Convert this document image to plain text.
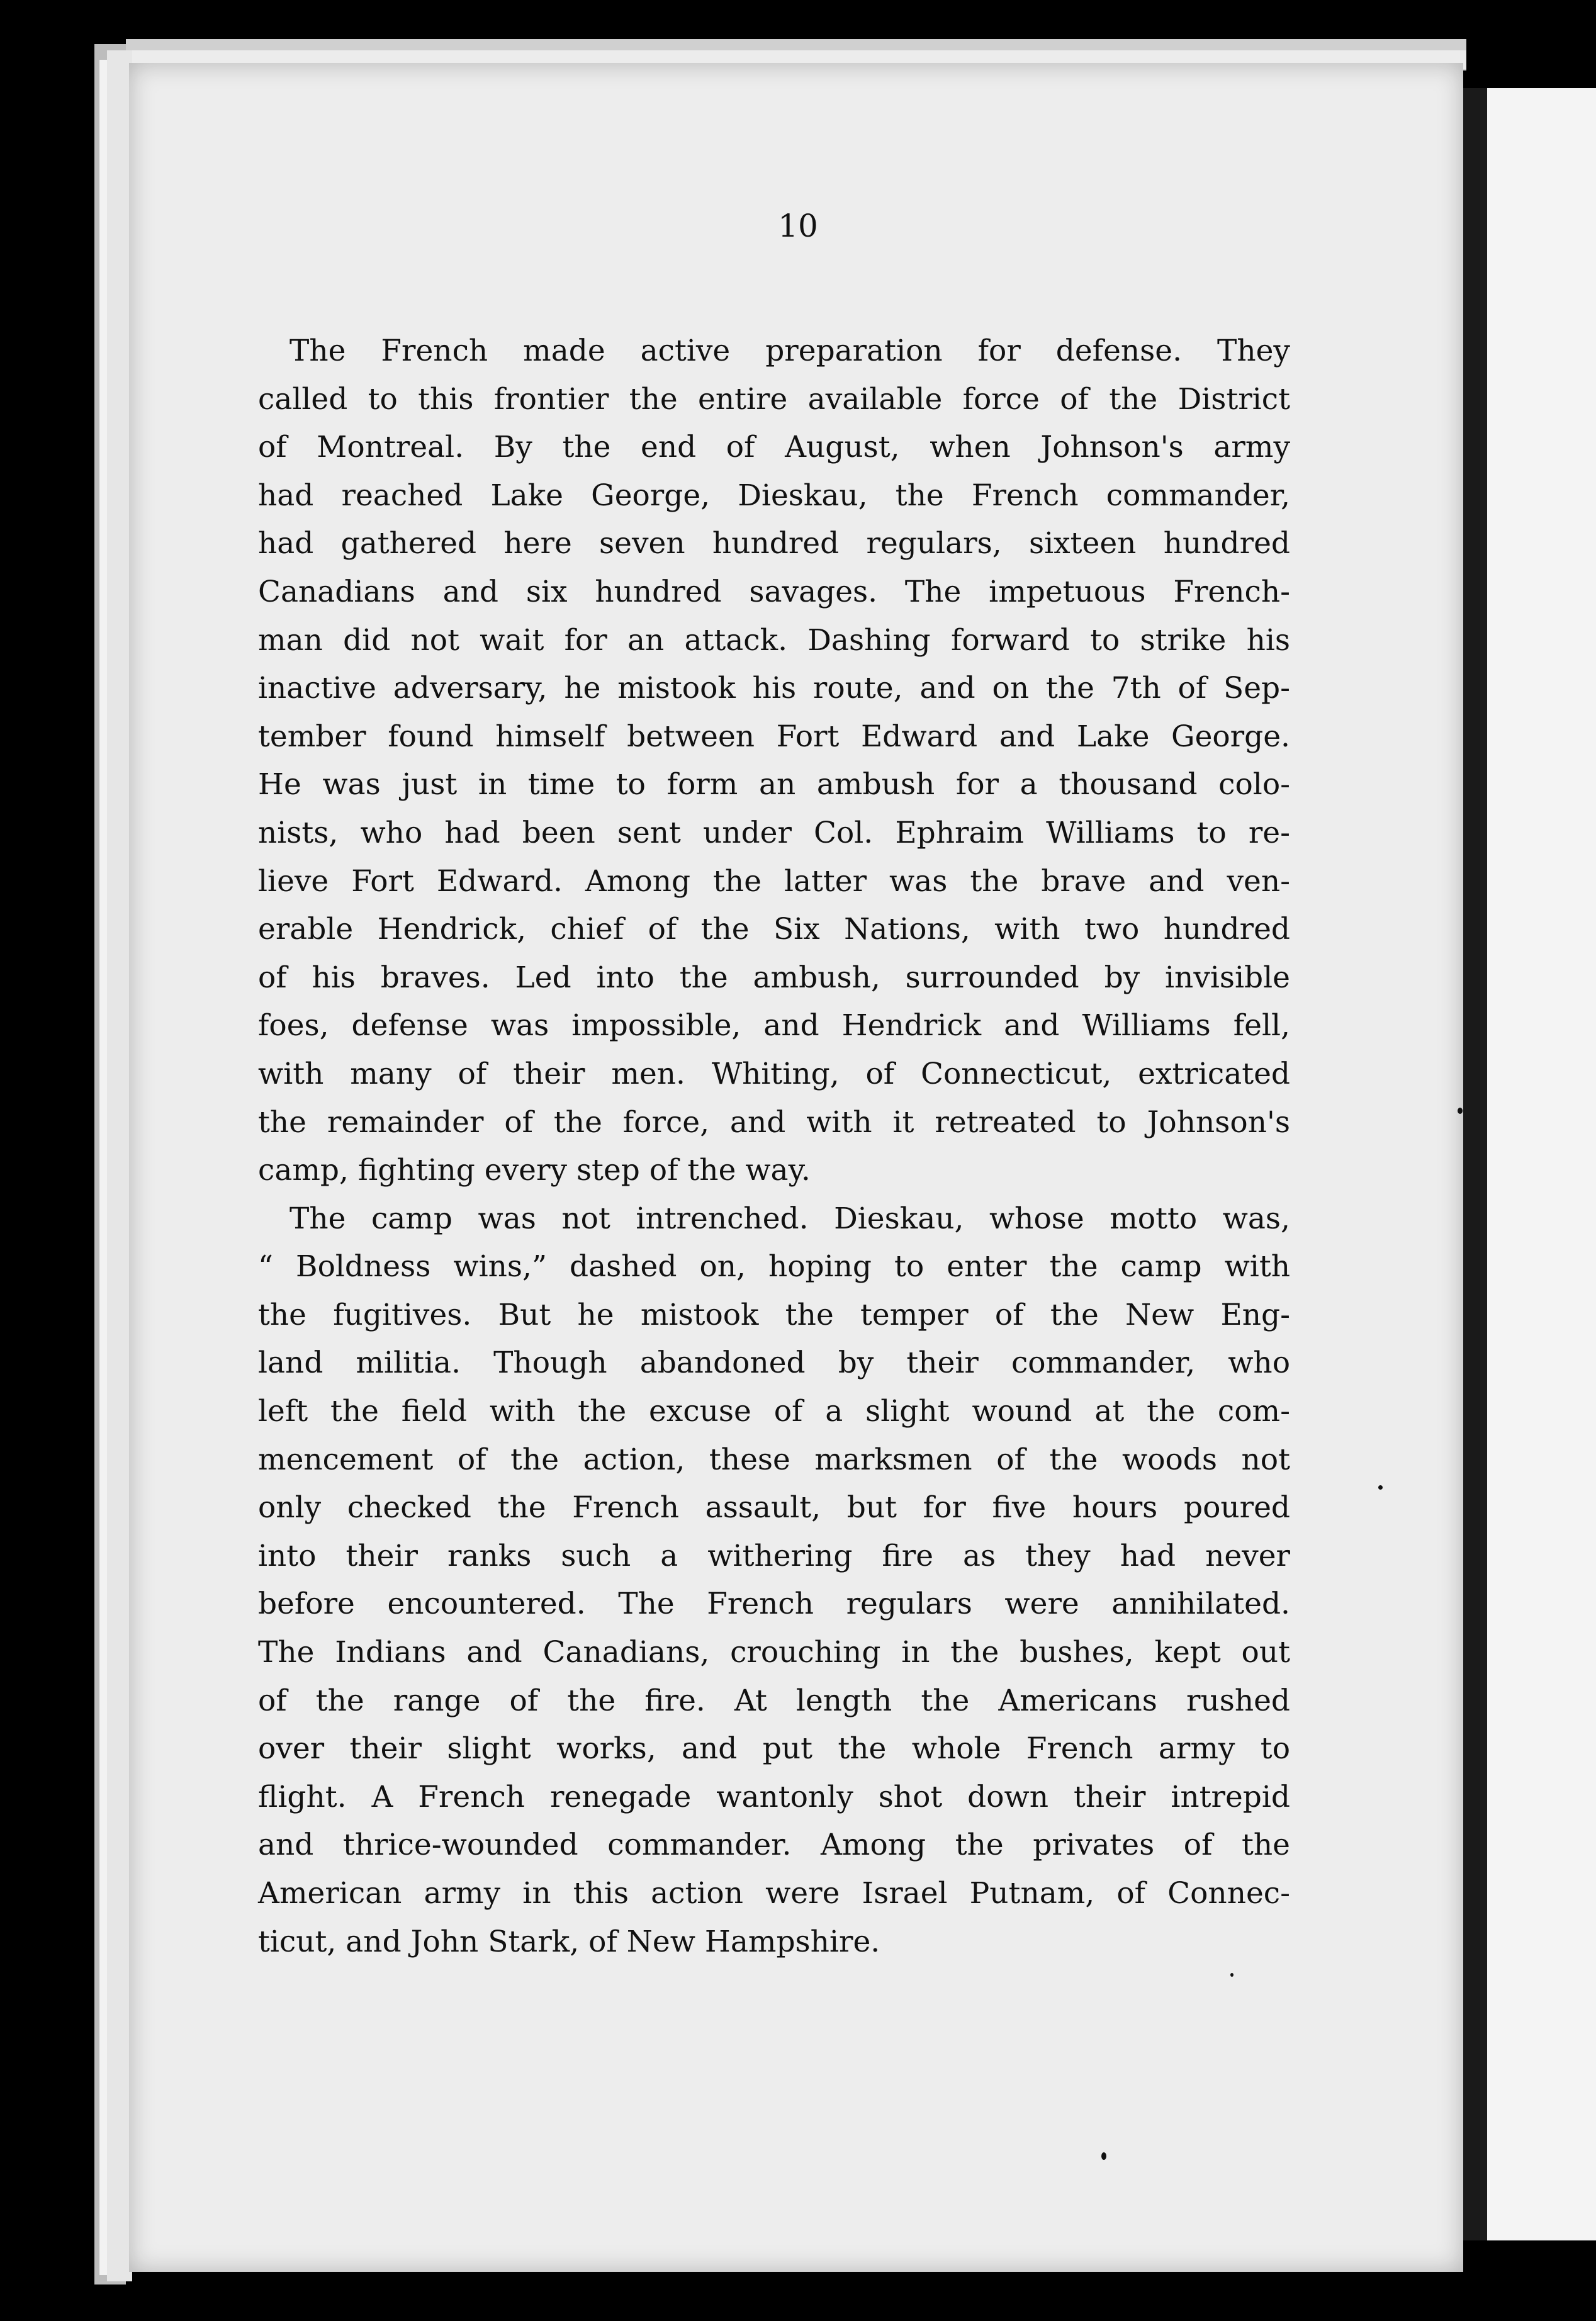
10
The French made active preparation for defense. They
called to this frontier the entire available force of the District
of Montreal. By the end of August, when Johnson's army
had reached Lake George, Dieskau, the French commander,
had gathered here seven hundred regulars, sixteen hundred
Canadians and six hundred savages. The impetuous French-
man did not wait for an attack. Dashing forward to strike his
inactive adversary, he mistook his route, and on the 7th of Sep-
tember found himself between Fort Edward and Lake George.
He was just in time to form an ambush for a thousand colo-
nists, who had been sent under Col. Ephraim Williams to re-
lieve Fort Edward. Among the latter was the brave and ven-
erable Hendrick, chief of the Six Nations, with two hundred
of his braves. Led into the ambush, surrounded by invisible
foes, defense was impossible, and Hendrick and Williams fell,
with many of their men. Whiting, of Connecticut, extricated
the remainder of the force, and with it retreated to Johnson's
camp, fighting every step of the way.
The camp was not intrenched. Dieskau, whose motto was,
“ Boldness wins,” dashed on, hoping to enter the camp with
the fugitives. But he mistook the temper of the New Eng-
land militia. Though abandoned by their commander, who
left the field with the excuse of a slight wound at the com-
mencement of the action, these marksmen of the woods not
only checked the French assault, but for five hours poured
into their ranks such a withering fire as they had never
before encountered. The French regulars were annihilated.
The Indians and Canadians, crouching in the bushes, kept out
of the range of the fire. At length the Americans rushed
over their slight works, and put the whole French army to
flight. A French renegade wantonly shot down their intrepid
and thrice-wounded commander. Among the privates of the
American army in this action were Israel Putnam, of Connec-
ticut, and John Stark, of New Hampshire.
